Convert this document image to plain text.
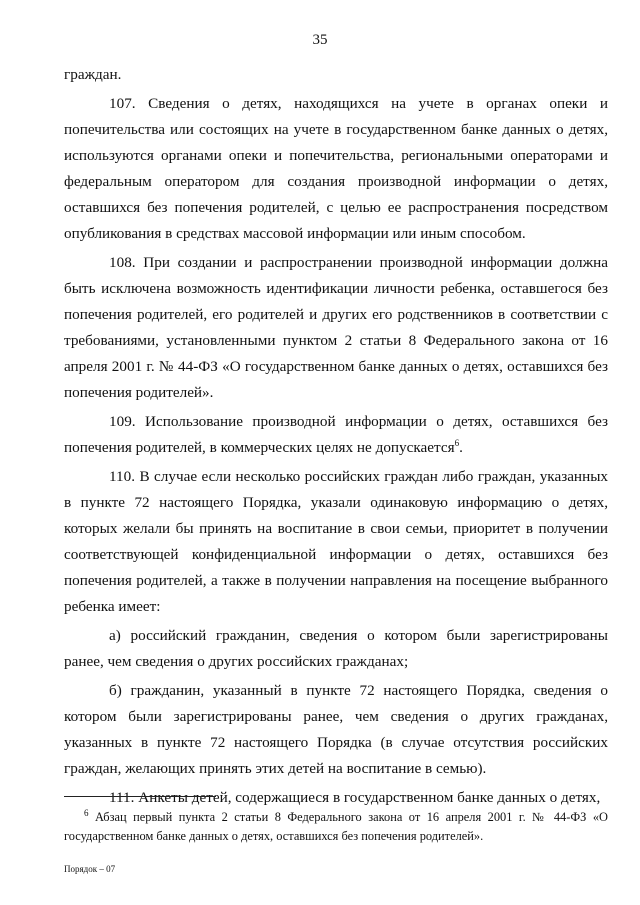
35

граждан.

107. Сведения о детях, находящихся на учете в органах опеки и попечительства или состоящих на учете в государственном банке данных о детях, используются органами опеки и попечительства, региональными операторами и федеральным оператором для создания производной информации о детях, оставшихся без попечения родителей, с целью ее распространения посредством опубликования в средствах массовой информации или иным способом.

108. При создании и распространении производной информации должна быть исключена возможность идентификации личности ребенка, оставшегося без попечения родителей, его родителей и других его родственников в соответствии с требованиями, установленными пунктом 2 статьи 8 Федерального закона от 16 апреля 2001 г. № 44-ФЗ «О государственном банке данных о детях, оставшихся без попечения родителей».

109. Использование производной информации о детях, оставшихся без попечения родителей, в коммерческих целях не допускается$^6$.

110. В случае если несколько российских граждан либо граждан, указанных в пункте 72 настоящего Порядка, указали одинаковую информацию о детях, которых желали бы принять на воспитание в свои семьи, приоритет в получении соответствующей конфиденциальной информации о детях, оставшихся без попечения родителей, а также в получении направления на посещение выбранного ребенка имеет:

а) российский гражданин, сведения о котором были зарегистрированы ранее, чем сведения о других российских гражданах;

б) гражданин, указанный в пункте 72 настоящего Порядка, сведения о котором были зарегистрированы ранее, чем сведения о других гражданах, указанных в пункте 72 настоящего Порядка (в случае отсутствия российских граждан, желающих принять этих детей на воспитание в семью).

111. Анкеты детей, содержащиеся в государственном банке данных о детях,

$^6$ Абзац первый пункта 2 статьи 8 Федерального закона от 16 апреля 2001 г. № 44-ФЗ «О государственном банке данных о детях, оставшихся без попечения родителей».

Порядок – 07
